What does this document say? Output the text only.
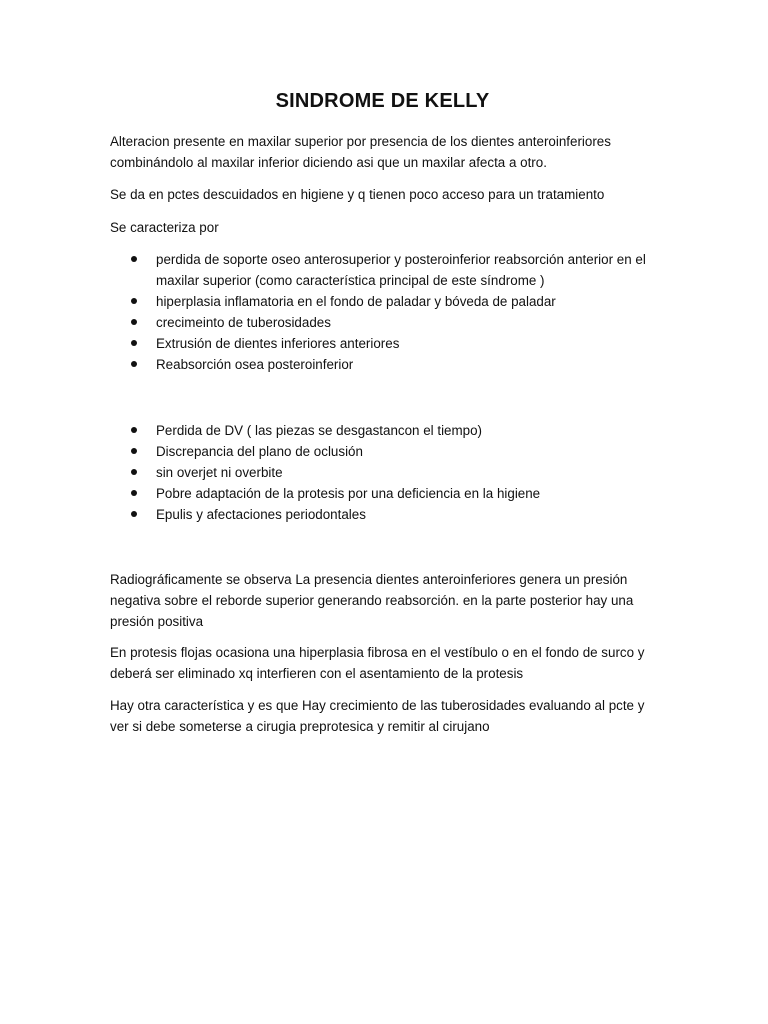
SINDROME DE KELLY

Alteracion presente en maxilar superior por presencia de los dientes anteroinferiores combinándolo al maxilar inferior diciendo asi que un maxilar afecta a otro.

Se da en pctes descuidados en higiene y q tienen poco acceso para un tratamiento

Se caracteriza por

perdida de soporte oseo anterosuperior y posteroinferior reabsorción anterior en el maxilar superior (como característica principal de este síndrome )
hiperplasia inflamatoria en el fondo de paladar y bóveda de paladar
crecimeinto de tuberosidades
Extrusión de dientes inferiores anteriores
Reabsorción osea posteroinferior
Perdida de DV ( las piezas se desgastancon el tiempo)
Discrepancia del plano de oclusión
sin overjet ni overbite
Pobre adaptación de la protesis por una deficiencia en la higiene
Epulis y afectaciones periodontales

Radiográficamente se observa La presencia dientes anteroinferiores genera un presión negativa sobre el reborde superior generando reabsorción. en la parte posterior hay una presión positiva

En protesis flojas ocasiona una hiperplasia fibrosa en el vestíbulo o en el fondo de surco y deberá ser eliminado xq interfieren con el asentamiento de la protesis

Hay otra característica y es que Hay crecimiento de las tuberosidades evaluando al pcte y ver si debe someterse a cirugia preprotesica y remitir al cirujano
